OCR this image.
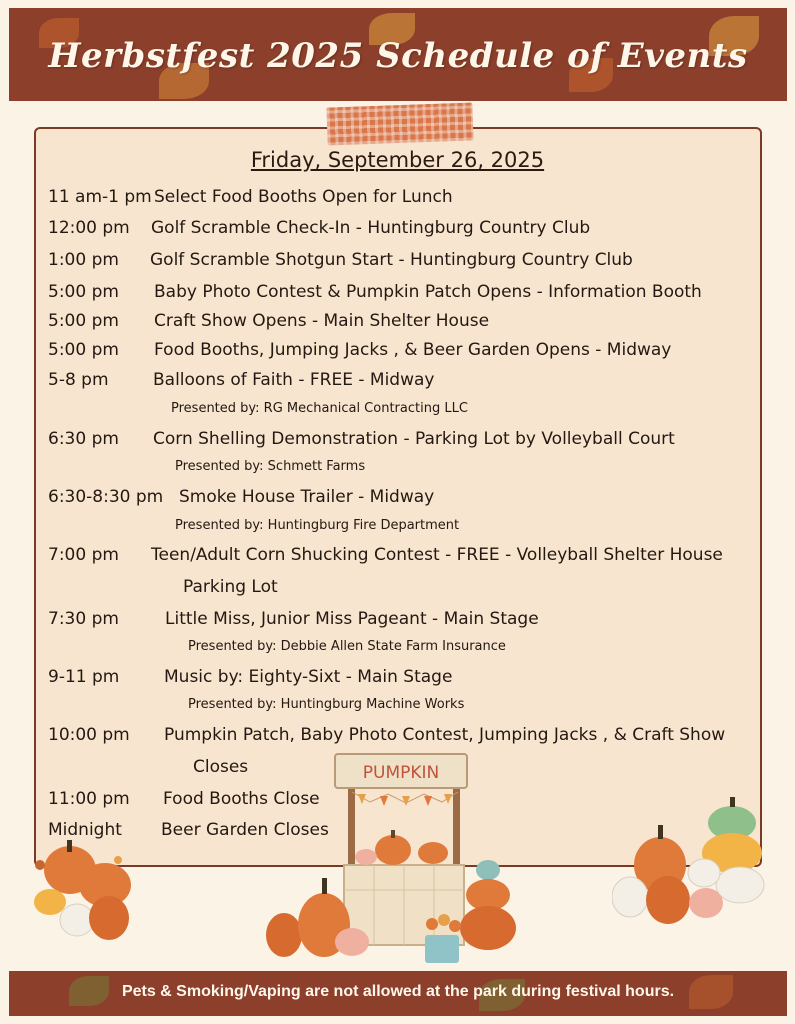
Herbstfest 2025 Schedule of Events
Friday, September 26, 2025
11 am-1 pm Select Food Booths Open for Lunch
12:00 pm Golf Scramble Check-In - Huntingburg Country Club
1:00 pm Golf Scramble Shotgun Start - Huntingburg Country Club
5:00 pm Baby Photo Contest & Pumpkin Patch Opens - Information Booth
5:00 pm Craft Show Opens - Main Shelter House
5:00 pm Food Booths, Jumping Jacks , & Beer Garden Opens - Midway
5-8 pm	Balloons of Faith - FREE - Midway
Presented by: RG Mechanical Contracting LLC
6:30 pm Corn Shelling Demonstration - Parking Lot by Volleyball Court
Presented by: Schmett Farms
6:30-8:30 pm Smoke House Trailer - Midway
Presented by: Huntingburg Fire Department
7:00 pm Teen/Adult Corn Shucking Contest - FREE - Volleyball Shelter House
Parking Lot
7:30 pm	Little Miss, Junior Miss Pageant - Main Stage
Presented by: Debbie Allen State Farm Insurance
9-11 pm	Music by: Eighty-Sixt - Main Stage
Presented by: Huntingburg Machine Works
10:00 pm Pumpkin Patch, Baby Photo Contest, Jumping Jacks , & Craft Show
Closes
11:00 pm Food Booths Close
Midnight Beer Garden Closes
PUMPKIN

Pets & Smoking/Vaping are not allowed at the park during festival hours.
